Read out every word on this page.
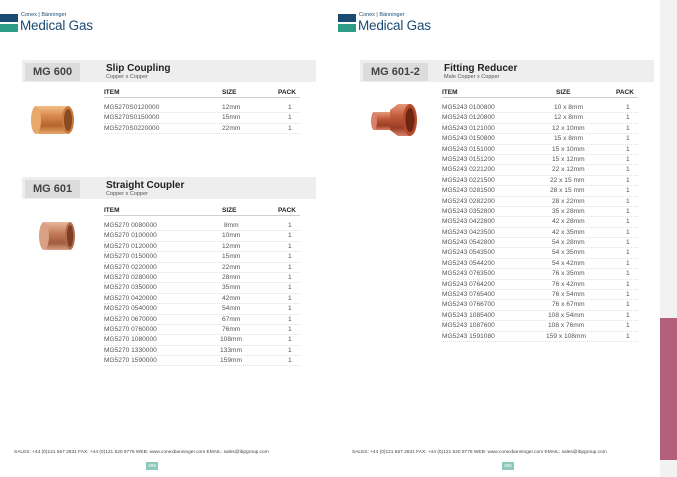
Conex | Bänninger
Medical Gas
MG 600	Slip Coupling
Copper x Copper
ITEM	SIZE	PACK
MG5270S0120000	12mm	1
MG5270S0150000	15mm	1
MG5270S0220000	22mm	1
MG 601	Straight Coupler
Copper x Copper
ITEM	SIZE	PACK
MG5270 0080000	8mm	1
MG5270 0100000	10mm	1
MG5270 0120000	12mm	1
MG5270 0150000	15mm	1
MG5270 0220000	22mm	1
MG5270 0280000	28mm	1
MG5270 0350000	35mm	1
MG5270 0420000	42mm	1
MG5270 0540000	54mm	1
MG5270 0670000	67mm	1
MG5270 0760000	76mm	1
MG5270 1080000	108mm	1
MG5270 1330000	133mm	1
MG5270 1590000	159mm	1
SALES: +44 (0)121 557 2831 FAX: +44 (0)121 520 8778 WEB: www.conexbanninger.com EMAIL: sales@ibpgroup.com
299
Conex | Bänninger
Medical Gas
MG 601-2	Fitting Reducer
Male Copper x Copper
ITEM	SIZE	PACK
MG5243 0100800	10 x 8mm	1
MG5243 0120800	12 x 8mm	1
MG5243 0121000	12 x 10mm	1
MG5243 0150800	15 x 8mm	1
MG5243 0151000	15 x 10mm	1
MG5243 0151200	15 x 12mm	1
MG5243 0221200	22 x 12mm	1
MG5243 0221500	22 x 15 mm	1
MG5243 0281500	28 x 15 mm	1
MG5243 0282200	28 x 22mm	1
MG5243 0352800	35 x 28mm	1
MG5243 0422800	42 x 28mm	1
MG5243 0423500	42 x 35mm	1
MG5243 0542800	54 x 28mm	1
MG5243 0543500	54 x 35mm	1
MG5243 0544200	54 x 42mm	1
MG5243 0763500	76 x 35mm	1
MG5243 0764200	76 x 42mm	1
MG5243 0765400	76 x 54mm	1
MG5243 0766700	76 x 67mm	1
MG5243 1085400	108 x 54mm	1
MG5243 1087600	108 x 76mm	1
MG5243 1591080	159 x 108mm	1
SALES: +44 (0)121 557 2831 FAX: +44 (0)121 520 8778 WEB: www.conexbanninger.com EMAIL: sales@ibpgroup.com
300
